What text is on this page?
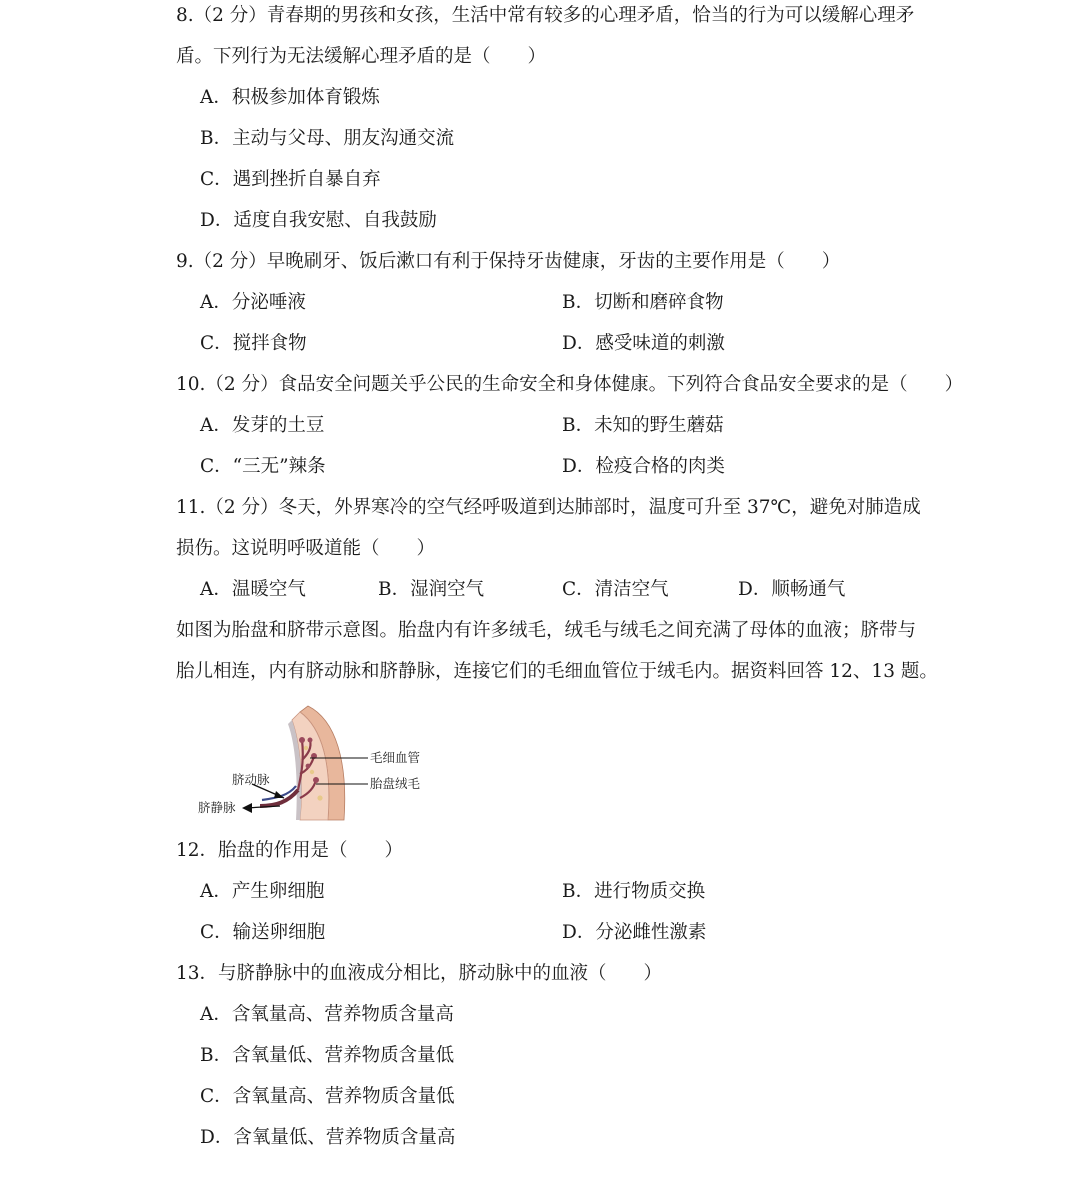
8.（2 分）青春期的男孩和女孩，生活中常有较多的心理矛盾，恰当的行为可以缓解心理矛
盾。下列行为无法缓解心理矛盾的是（　　）
A．积极参加体育锻炼
B．主动与父母、朋友沟通交流
C．遇到挫折自暴自弃
D．适度自我安慰、自我鼓励
9.（2 分）早晚刷牙、饭后漱口有利于保持牙齿健康，牙齿的主要作用是（　　）
A．分泌唾液	B．切断和磨碎食物
C．搅拌食物	D．感受味道的刺激
10.（2 分）食品安全问题关乎公民的生命安全和身体健康。下列符合食品安全要求的是（　　）
A．发芽的土豆	B．未知的野生蘑菇
C．“三无”辣条	D．检疫合格的肉类
11.（2 分）冬天，外界寒冷的空气经呼吸道到达肺部时，温度可升至 37℃，避免对肺造成
损伤。这说明呼吸道能（　　）
A．温暖空气	B．湿润空气	C．清洁空气	D．顺畅通气
如图为胎盘和脐带示意图。胎盘内有许多绒毛，绒毛与绒毛之间充满了母体的血液；脐带与
胎儿相连，内有脐动脉和脐静脉，连接它们的毛细血管位于绒毛内。据资料回答 12、13 题。
毛细血管
胎盘绒毛
脐动脉
脐静脉
12．胎盘的作用是（　　）
A．产生卵细胞	B．进行物质交换
C．输送卵细胞	D．分泌雌性激素
13．与脐静脉中的血液成分相比，脐动脉中的血液（　　）
A．含氧量高、营养物质含量高
B．含氧量低、营养物质含量低
C．含氧量高、营养物质含量低
D．含氧量低、营养物质含量高
